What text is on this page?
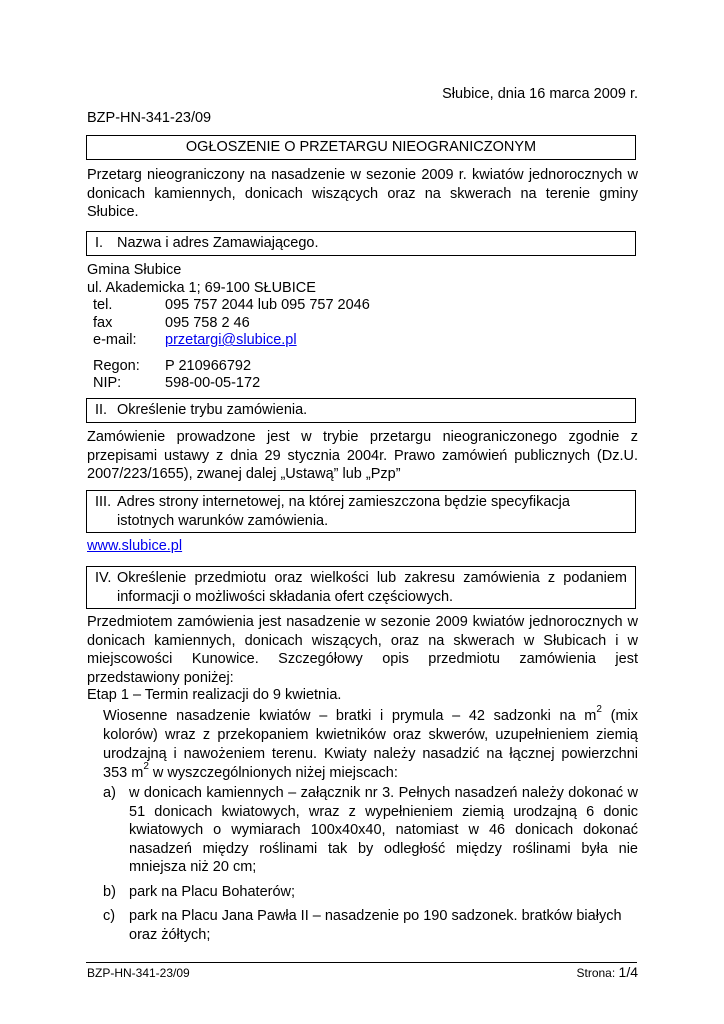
Słubice, dnia 16 marca 2009 r.
BZP-HN-341-23/09
OGŁOSZENIE O PRZETARGU NIEOGRANICZONYM
Przetarg nieograniczony na nasadzenie w sezonie 2009 r. kwiatów jednorocznych w donicach kamiennych, donicach wiszących oraz na skwerach na terenie gminy Słubice.
I. Nazwa i adres Zamawiającego.
Gmina Słubice
ul. Akademicka 1; 69-100 SŁUBICE
tel.	095 757 2044 lub 095 757 2046
fax	095 758 2 46
e-mail:	przetargi@slubice.pl

Regon:	P 210966792
NIP:	598-00-05-172
II. Określenie trybu zamówienia.
Zamówienie prowadzone jest w trybie przetargu nieograniczonego zgodnie z przepisami ustawy z dnia 29 stycznia 2004r. Prawo zamówień publicznych (Dz.U. 2007/223/1655), zwanej dalej „Ustawą” lub „Pzp”
III. Adres strony internetowej, na której zamieszczona będzie specyfikacja istotnych warunków zamówienia.
www.slubice.pl
IV. Określenie przedmiotu oraz wielkości lub zakresu zamówienia z podaniem informacji o możliwości składania ofert częściowych.
Przedmiotem zamówienia jest nasadzenie w sezonie 2009 kwiatów jednorocznych w donicach kamiennych, donicach wiszących, oraz na skwerach w Słubicach i w miejscowości Kunowice. Szczegółowy opis przedmiotu zamówienia jest przedstawiony poniżej:
Etap 1 – Termin realizacji do 9 kwietnia.
Wiosenne nasadzenie kwiatów – bratki i prymula – 42 sadzonki na $m^2$ (mix kolorów) wraz z przekopaniem kwietników oraz skwerów, uzupełnieniem ziemią urodzajną i nawożeniem terenu. Kwiaty należy nasadzić na łącznej powierzchni 353 $m^2$ w wyszczególnionych niżej miejscach:
a) w donicach kamiennych – załącznik nr 3. Pełnych nasadzeń należy dokonać w 51 donicach kwiatowych, wraz z wypełnieniem ziemią urodzajną 6 donic kwiatowych o wymiarach 100x40x40, natomiast w 46 donicach dokonać nasadzeń między roślinami tak by odległość między roślinami była nie mniejsza niż 20 cm;
b) park na Placu Bohaterów;
c) park na Placu Jana Pawła II – nasadzenie po 190 sadzonek. bratków białych oraz żółtych;
BZP-HN-341-23/09	Strona: 1/4
